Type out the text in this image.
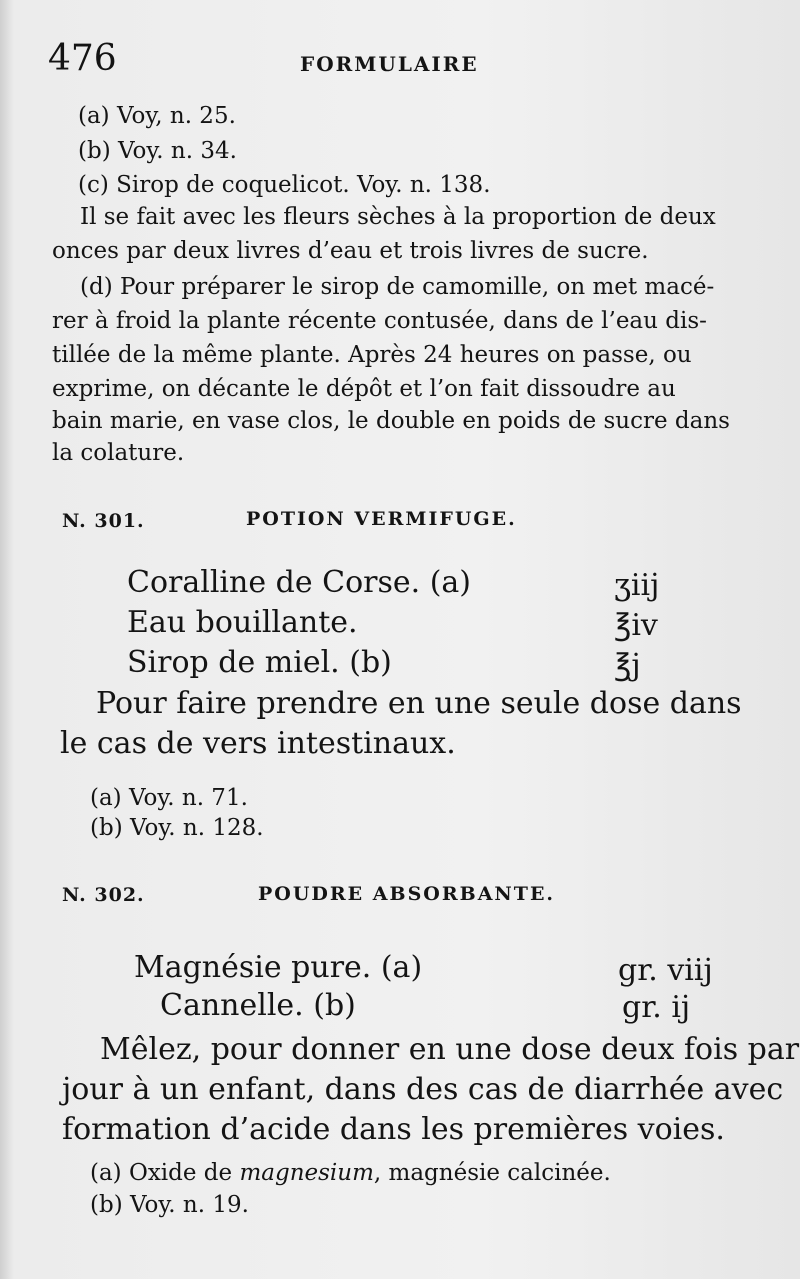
476	FORMULAIRE
(a) Voy, n. 25.
(b) Voy. n. 34.
(c) Sirop de coquelicot. Voy. n. 138.
Il se fait avec les fleurs sèches à la proportion de deux
onces par deux livres d’eau et trois livres de sucre.
(d) Pour préparer le sirop de camomille, on met macé-
rer à froid la plante récente contusée, dans de l’eau dis-
tillée de la même plante. Après 24 heures on passe, ou
exprime, on décante le dépôt et l’on fait dissoudre au
bain marie, en vase clos, le double en poids de sucre dans
la colature.
N. 301.	POTION VERMIFUGE.
Coralline de Corse. (a)	ʒiij
Eau bouillante.	℥iv
Sirop de miel. (b)	℥j
Pour faire prendre en une seule dose dans
le cas de vers intestinaux.
(a) Voy. n. 71.
(b) Voy. n. 128.
N. 302.	POUDRE ABSORBANTE.
Magnésie pure. (a)	gr. viij
Cannelle. (b)	gr. ij
Mêlez, pour donner en une dose deux fois par
jour à un enfant, dans des cas de diarrhée avec
formation d’acide dans les premières voies.
(a) Oxide de magnesium, magnésie calcinée.
(b) Voy. n. 19.
